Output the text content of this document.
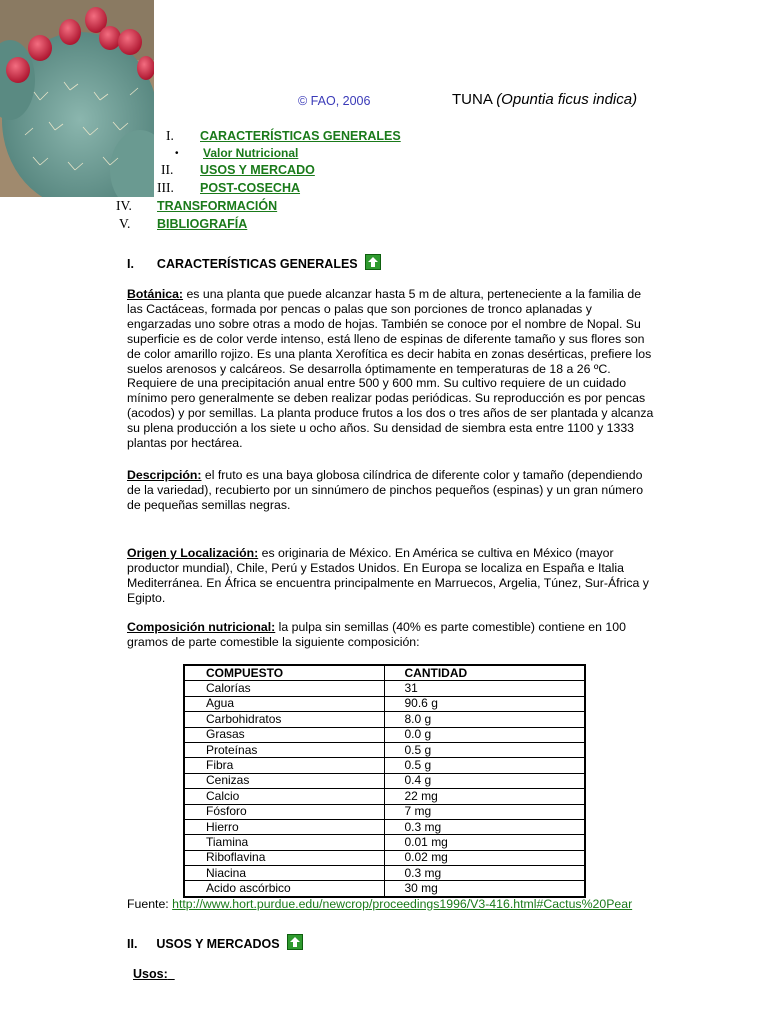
© FAO, 2006	TUNA (Opuntia ficus indica)
I. CARACTERÍSTICAS GENERALES
• Valor Nutricional
II. USOS Y MERCADO
III. POST-COSECHA
IV. TRANSFORMACIÓN
V. BIBLIOGRAFÍA
I. CARACTERÍSTICAS GENERALES
Botánica: es una planta que puede alcanzar hasta 5 m de altura, perteneciente a la familia de las Cactáceas, formada por pencas o palas que son porciones de tronco aplanadas y engarzadas uno sobre otras a modo de hojas. También se conoce por el nombre de Nopal. Su superficie es de color verde intenso, está lleno de espinas de diferente tamaño y sus flores son de color amarillo rojizo. Es una planta Xerofítica es decir habita en zonas desérticas, prefiere los suelos arenosos y calcáreos. Se desarrolla óptimamente en temperaturas de 18 a 26 ºC. Requiere de una precipitación anual entre 500 y 600 mm. Su cultivo requiere de un cuidado mínimo pero generalmente se deben realizar podas periódicas. Su reproducción es por pencas (acodos) y por semillas. La planta produce frutos a los dos o tres años de ser plantada y alcanza su plena producción a los siete u ocho años. Su densidad de siembra esta entre 1100 y 1333 plantas por hectárea.
Descripción: el fruto es una baya globosa cilíndrica de diferente color y tamaño (dependiendo de la variedad), recubierto por un sinnúmero de pinchos pequeños (espinas) y un gran número de pequeñas semillas negras.
Origen y Localización: es originaria de México. En América se cultiva en México (mayor productor mundial), Chile, Perú y Estados Unidos. En Europa se localiza en España e Italia Mediterránea. En África se encuentra principalmente en Marruecos, Argelia, Túnez, Sur-África y Egipto.
Composición nutricional: la pulpa sin semillas (40% es parte comestible) contiene en 100 gramos de parte comestible la siguiente composición:
COMPUESTO	CANTIDAD
Calorías	31
Agua	90.6 g
Carbohidratos	8.0 g
Grasas	0.0 g
Proteínas	0.5 g
Fibra	0.5 g
Cenizas	0.4 g
Calcio	22 mg
Fósforo	7 mg
Hierro	0.3 mg
Tiamina	0.01 mg
Riboflavina	0.02 mg
Niacina	0.3 mg
Acido ascórbico	30 mg
Fuente: http://www.hort.purdue.edu/newcrop/proceedings1996/V3-416.html#Cactus%20Pear
II. USOS Y MERCADOS
Usos:
